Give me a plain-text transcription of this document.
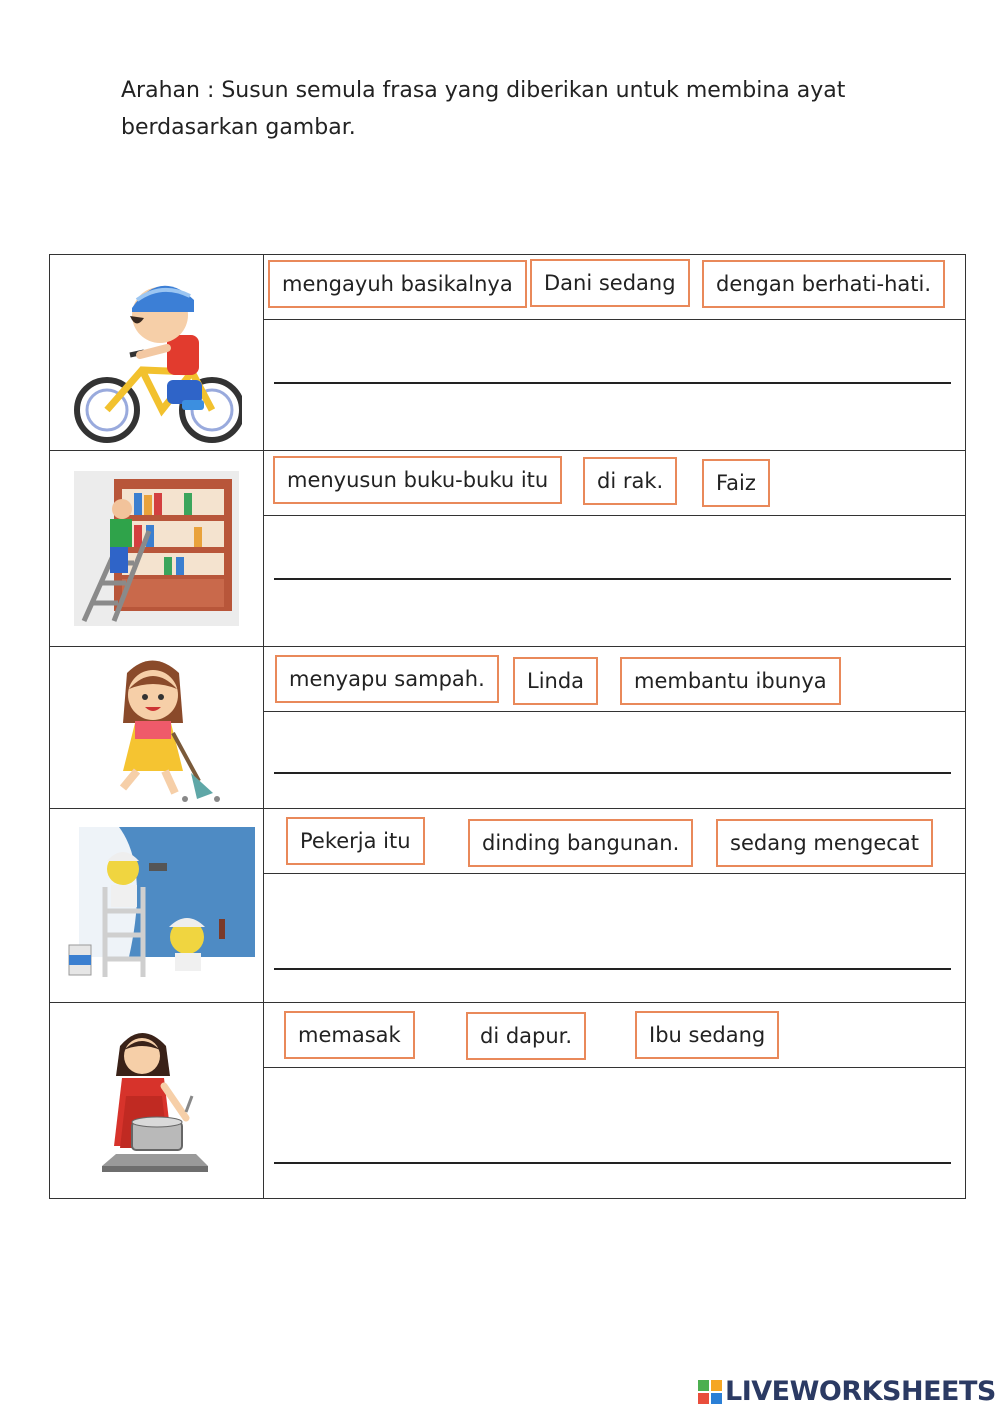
Arahan : Susun semula frasa yang diberikan untuk membina ayat berdasarkan gambar.

mengayuh basikalnya Dani sedang dengan berhati-hati.

menyusun buku-buku itu di rak. Faiz

menyapu sampah. Linda membantu ibunya

Pekerja itu dinding bangunan. sedang mengecat

memasak di dapur. Ibu sedang

LIVEWORKSHEETS
